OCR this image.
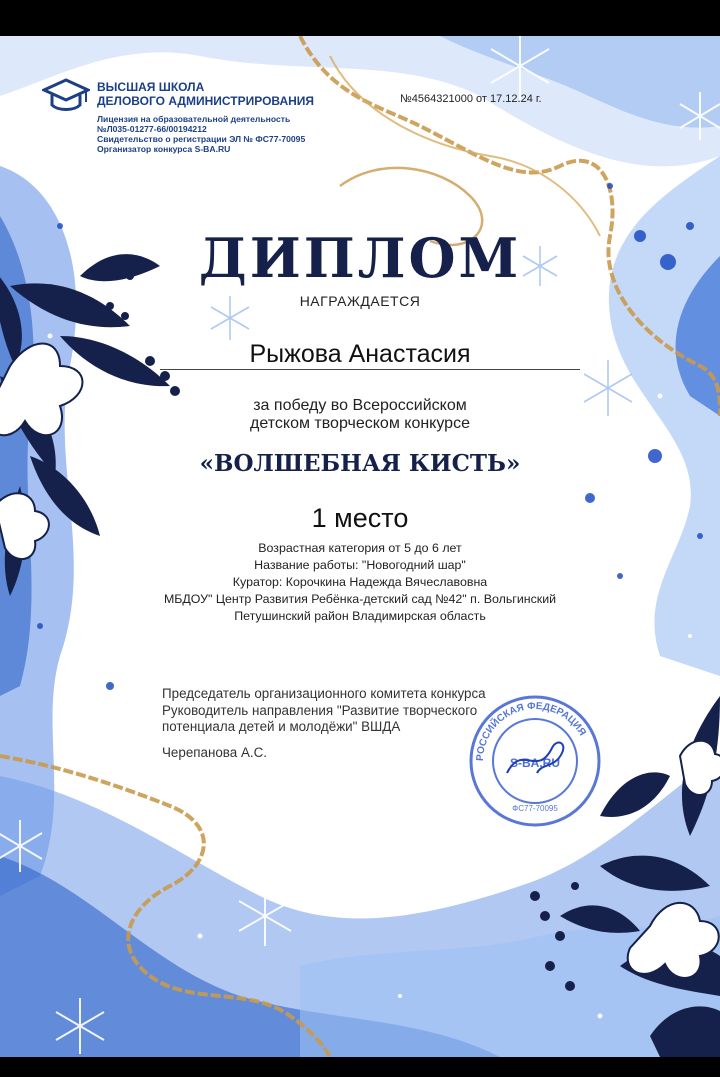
ВЫСШАЯ ШКОЛА
ДЕЛОВОГО АДМИНИСТРИРОВАНИЯ
Лицензия на образовательной деятельность
№Л035-01277-66/00194212
Свидетельство о регистрации ЭЛ № ФС77-70095
Организатор конкурса S-BA.RU
№4564321000 от 17.12.24 г.
ДИПЛОМ
НАГРАЖДАЕТСЯ
Рыжова Анастасия
за победу во Всероссийском
детском творческом конкурсе
«ВОЛШЕБНАЯ КИСТЬ»
1 место
Возрастная категория от 5 до 6 лет
Название работы: "Новогодний шар"
Куратор: Корочкина Надежда Вячеславовна
МБДОУ" Центр Развития Ребёнка-детский сад №42" п. Вольгинский
Петушинский район Владимирская область
Председатель организационного комитета конкурса
Руководитель направления "Развитие творческого
потенциала детей и молодёжи" ВШДА
Черепанова А.С.	РОССИЙСКАЯ ФЕДЕРАЦИЯ
S-BA.RU
ФС77-70095
